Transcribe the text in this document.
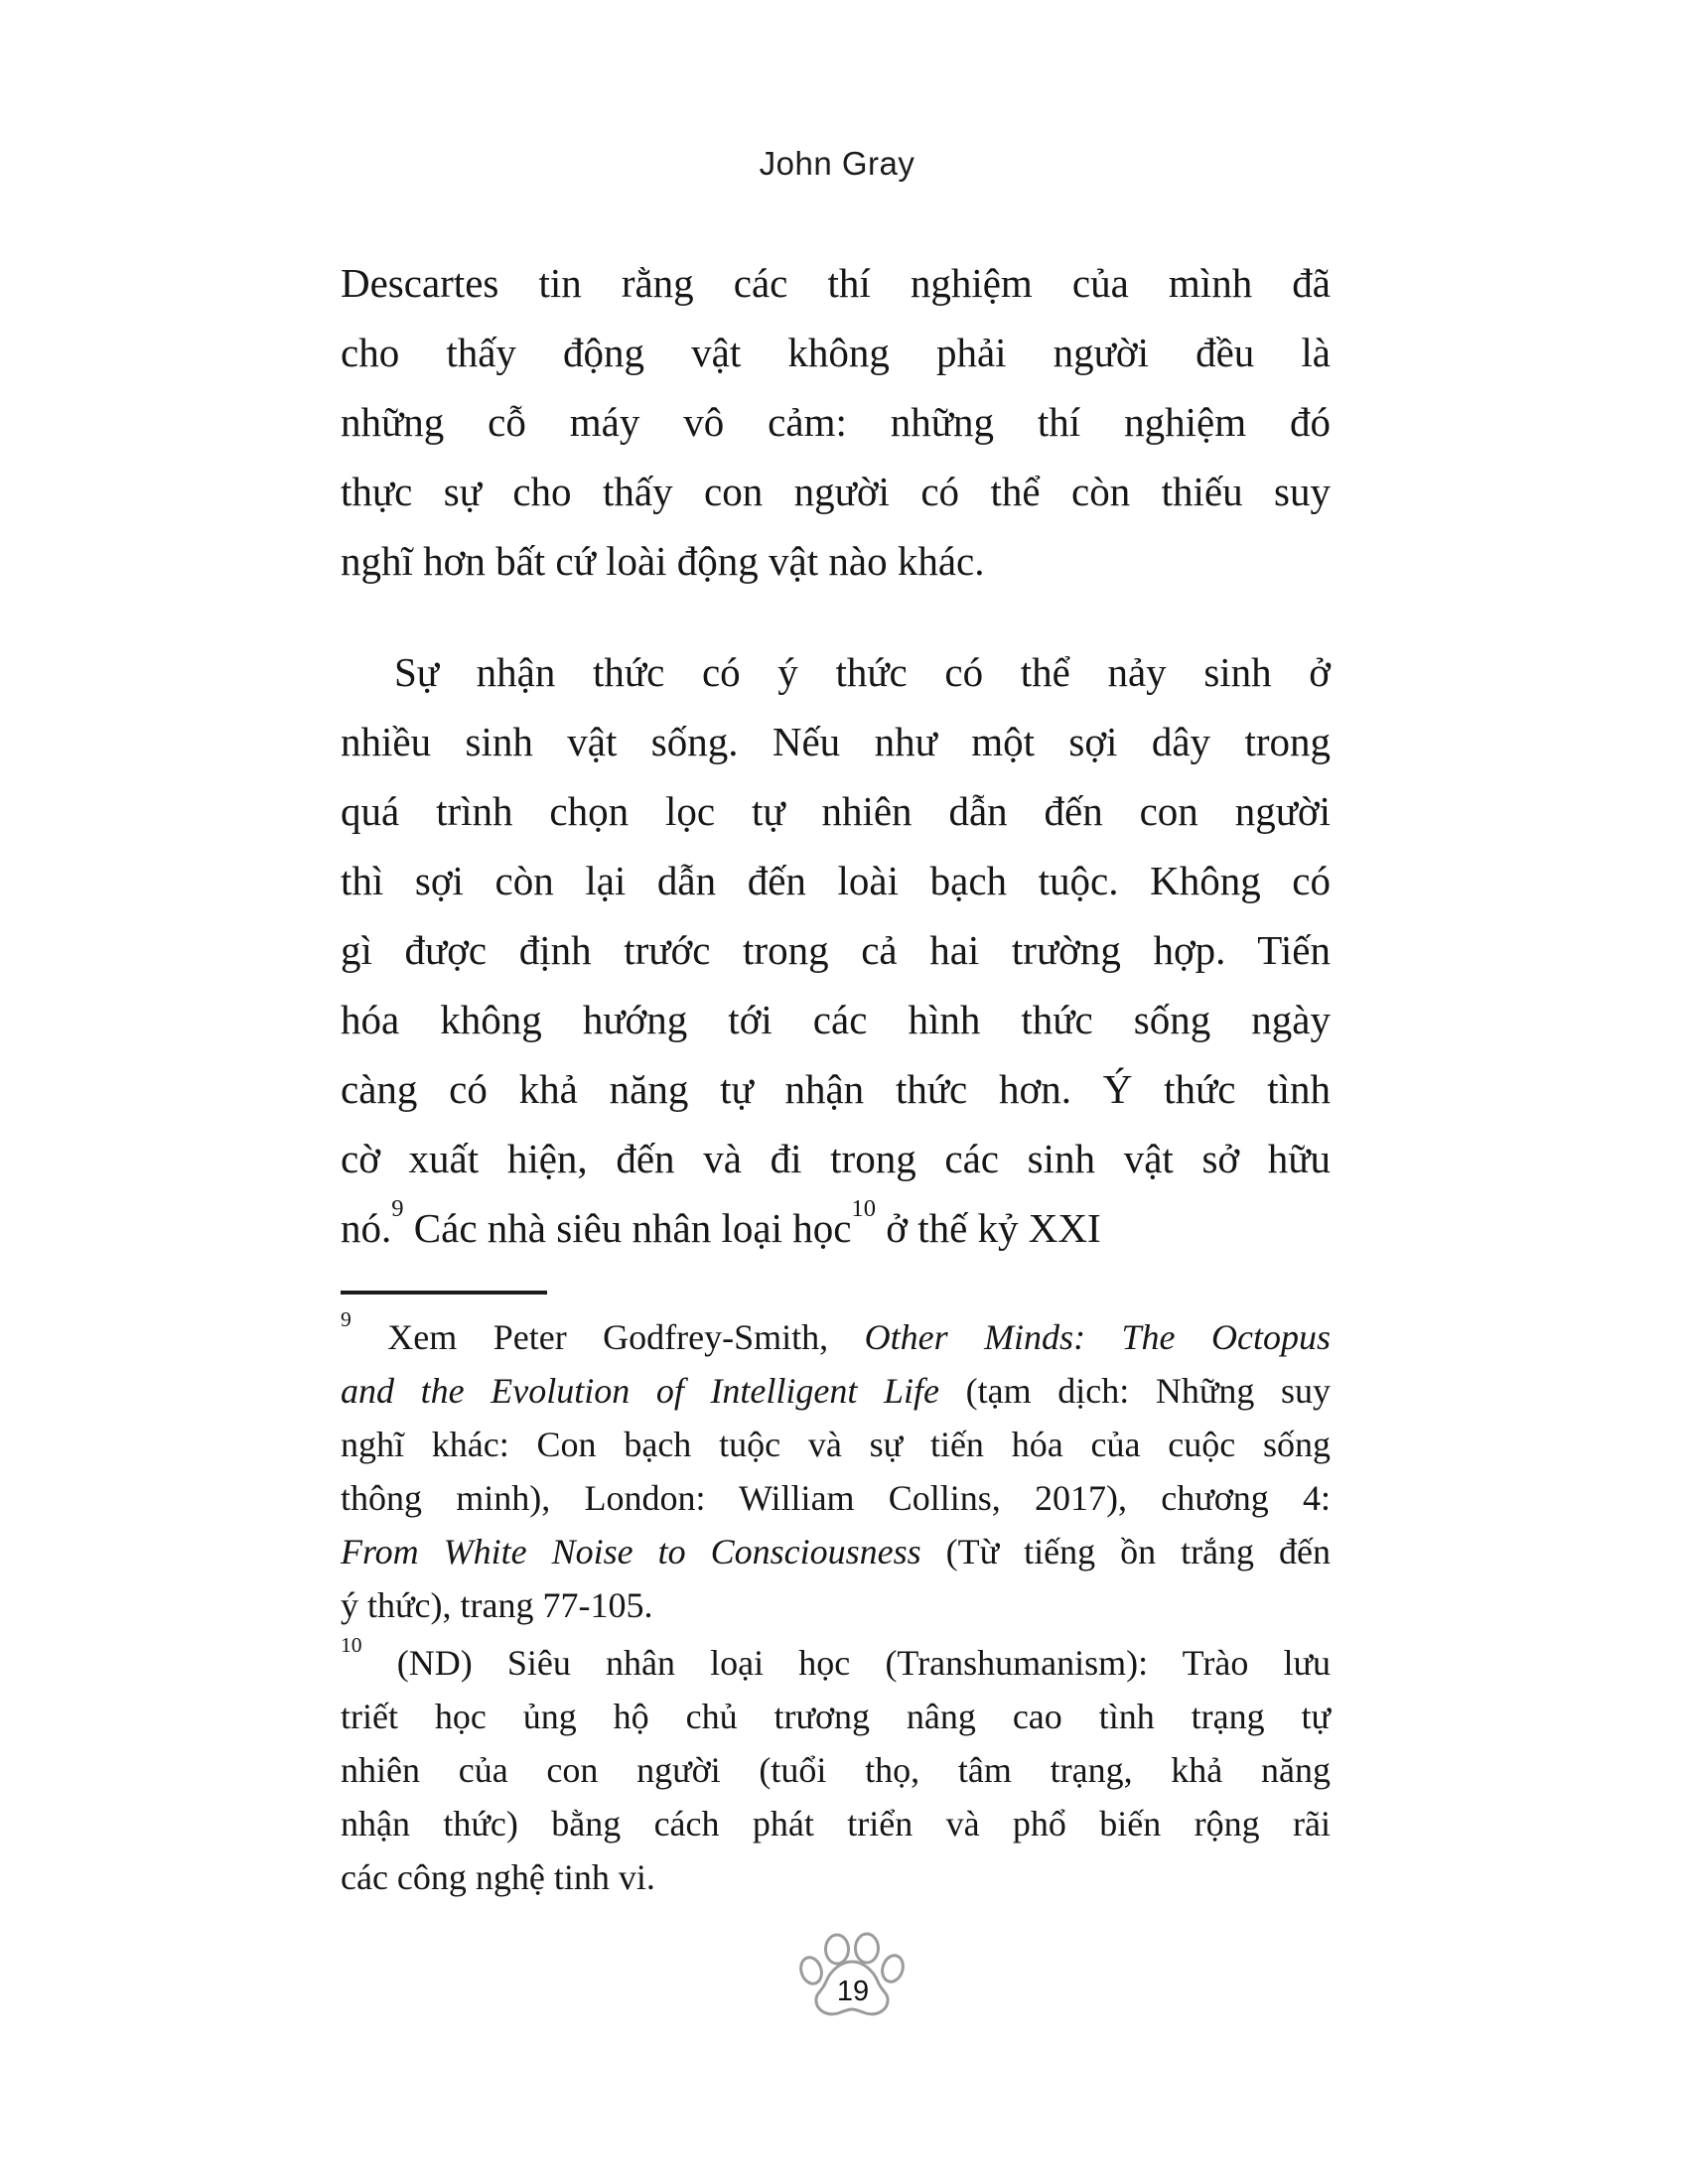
John Gray
Descartes tin rằng các thí nghiệm của mình đã
cho thấy động vật không phải người đều là
những cỗ máy vô cảm: những thí nghiệm đó
thực sự cho thấy con người có thể còn thiếu suy
nghĩ hơn bất cứ loài động vật nào khác.
Sự nhận thức có ý thức có thể nảy sinh ở
nhiều sinh vật sống. Nếu như một sợi dây trong
quá trình chọn lọc tự nhiên dẫn đến con người
thì sợi còn lại dẫn đến loài bạch tuộc. Không có
gì được định trước trong cả hai trường hợp. Tiến
hóa không hướng tới các hình thức sống ngày
càng có khả năng tự nhận thức hơn. Ý thức tình
cờ xuất hiện, đến và đi trong các sinh vật sở hữu
nó.$^9$ Các nhà siêu nhân loại học$^{10}$ ở thế kỷ XXI
$^9$ Xem Peter Godfrey-Smith, Other Minds: The Octopus
and the Evolution of Intelligent Life (tạm dịch: Những suy
nghĩ khác: Con bạch tuộc và sự tiến hóa của cuộc sống
thông minh), London: William Collins, 2017), chương 4:
From White Noise to Consciousness (Từ tiếng ồn trắng đến
ý thức), trang 77-105.
$^{10}$ (ND) Siêu nhân loại học (Transhumanism): Trào lưu
triết học ủng hộ chủ trương nâng cao tình trạng tự
nhiên của con người (tuổi thọ, tâm trạng, khả năng
nhận thức) bằng cách phát triển và phổ biến rộng rãi
các công nghệ tinh vi.
19
